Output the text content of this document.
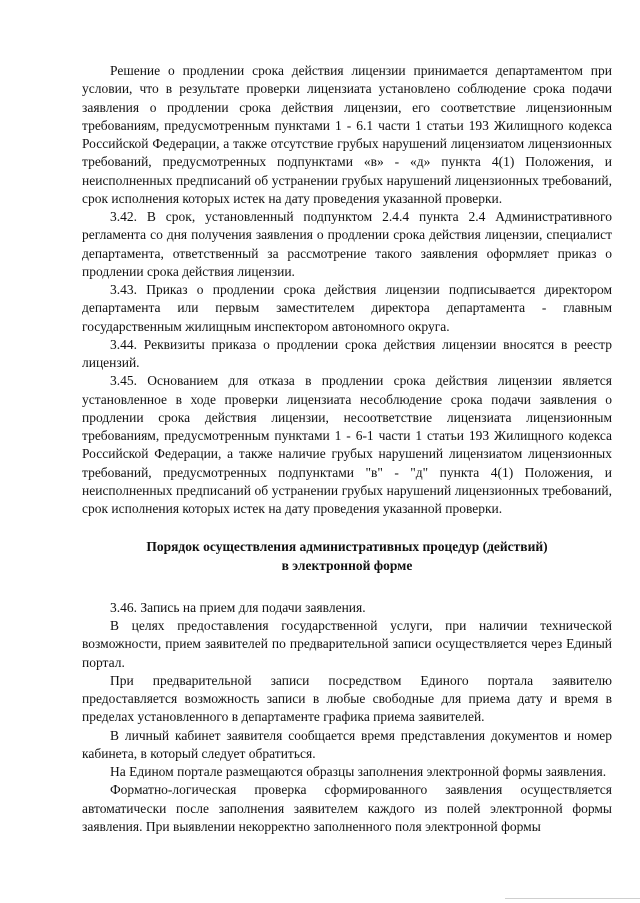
Решение о продлении срока действия лицензии принимается департаментом при условии, что в результате проверки лицензиата установлено соблюдение срока подачи заявления о продлении срока действия лицензии, его соответствие лицензионным требованиям, предусмотренным пунктами 1 - 6.1 части 1 статьи 193 Жилищного кодекса Российской Федерации, а также отсутствие грубых нарушений лицензиатом лицензионных требований, предусмотренных подпунктами «в» - «д» пункта 4(1) Положения, и неисполненных предписаний об устранении грубых нарушений лицензионных требований, срок исполнения которых истек на дату проведения указанной проверки.

3.42. В срок, установленный подпунктом 2.4.4 пункта 2.4 Административного регламента со дня получения заявления о продлении срока действия лицензии, специалист департамента, ответственный за рассмотрение такого заявления оформляет приказ о продлении срока действия лицензии.

3.43. Приказ о продлении срока действия лицензии подписывается директором департамента или первым заместителем директора департамента - главным государственным жилищным инспектором автономного округа.

3.44. Реквизиты приказа о продлении срока действия лицензии вносятся в реестр лицензий.

3.45. Основанием для отказа в продлении срока действия лицензии является установленное в ходе проверки лицензиата несоблюдение срока подачи заявления о продлении срока действия лицензии, несоответствие лицензиата лицензионным требованиям, предусмотренным пунктами 1 - 6-1 части 1 статьи 193 Жилищного кодекса Российской Федерации, а также наличие грубых нарушений лицензиатом лицензионных требований, предусмотренных подпунктами "в" - "д" пункта 4(1) Положения, и неисполненных предписаний об устранении грубых нарушений лицензионных требований, срок исполнения которых истек на дату проведения указанной проверки.

Порядок осуществления административных процедур (действий)
в электронной форме

3.46. Запись на прием для подачи заявления.

В целях предоставления государственной услуги, при наличии технической возможности, прием заявителей по предварительной записи осуществляется через Единый портал.

При предварительной записи посредством Единого портала заявителю предоставляется возможность записи в любые свободные для приема дату и время в пределах установленного в департаменте графика приема заявителей.

В личный кабинет заявителя сообщается время представления документов и номер кабинета, в который следует обратиться.

На Едином портале размещаются образцы заполнения электронной формы заявления.

Форматно-логическая проверка сформированного заявления осуществляется автоматически после заполнения заявителем каждого из полей электронной формы заявления. При выявлении некорректно заполненного поля электронной формы
